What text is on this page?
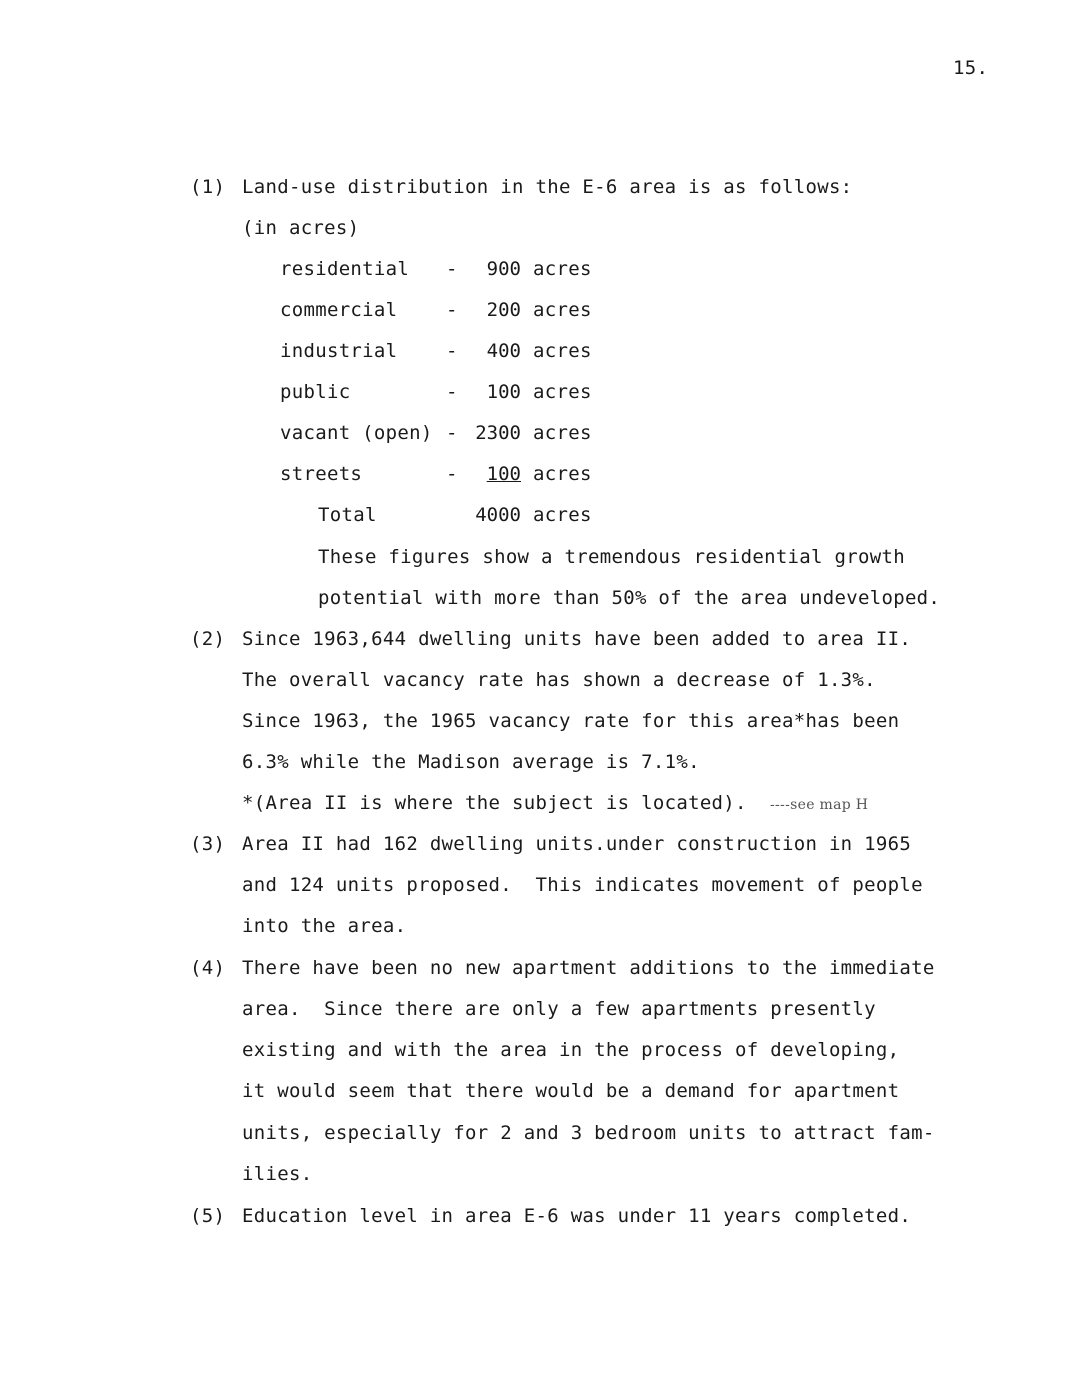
15.
(1) Land-use distribution in the E-6 area is as follows:
(in acres)
residential - 900 acres
commercial	- 200 acres
industrial	- 400 acres
public	- 100 acres
vacant (open) - 2300 acres
streets	-	100 acres
Total	4000 acres
These figures show a tremendous residential growth
potential with more than 50% of the area undeveloped.
(2) Since 1963,644 dwelling units have been added to area II.
The overall vacancy rate has shown a decrease of 1.3%.
Since 1963, the 1965 vacancy rate for this area*has been
6.3% while the Madison average is 7.1%.
*(Area II is where the subject is located). ----see map H
(3) Area II had 162 dwelling units.under construction in 1965
and 124 units proposed.  This indicates movement of people
into the area.
(4) There have been no new apartment additions to the immediate
area.  Since there are only a few apartments presently
existing and with the area in the process of developing,
it would seem that there would be a demand for apartment
units, especially for 2 and 3 bedroom units to attract fam-
ilies.
(5) Education level in area E-6 was under 11 years completed.
